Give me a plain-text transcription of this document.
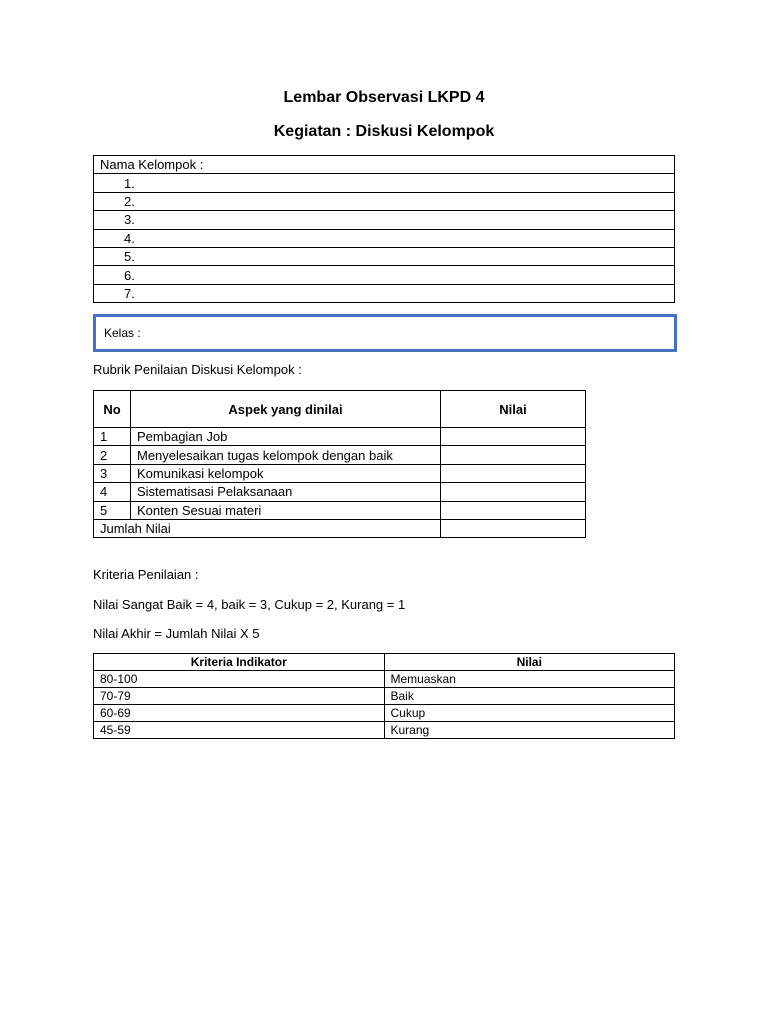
Lembar Observasi LKPD 4
Kegiatan : Diskusi Kelompok
Nama Kelompok :
1.
2.
3.
4.
5.
6.
7.
Kelas :
Rubrik Penilaian Diskusi Kelompok :
No	Aspek yang dinilai	Nilai
1	Pembagian Job	
2	Menyelesaikan tugas kelompok dengan baik	
3	Komunikasi kelompok	
4	Sistematisasi Pelaksanaan	
5	Konten Sesuai materi	
Jumlah Nilai		
Kriteria Penilaian :
Nilai Sangat Baik = 4, baik = 3, Cukup = 2, Kurang = 1
Nilai Akhir = Jumlah Nilai X 5
Kriteria Indikator	Nilai
80-100	Memuaskan
70-79	Baik
60-69	Cukup
45-59	Kurang
